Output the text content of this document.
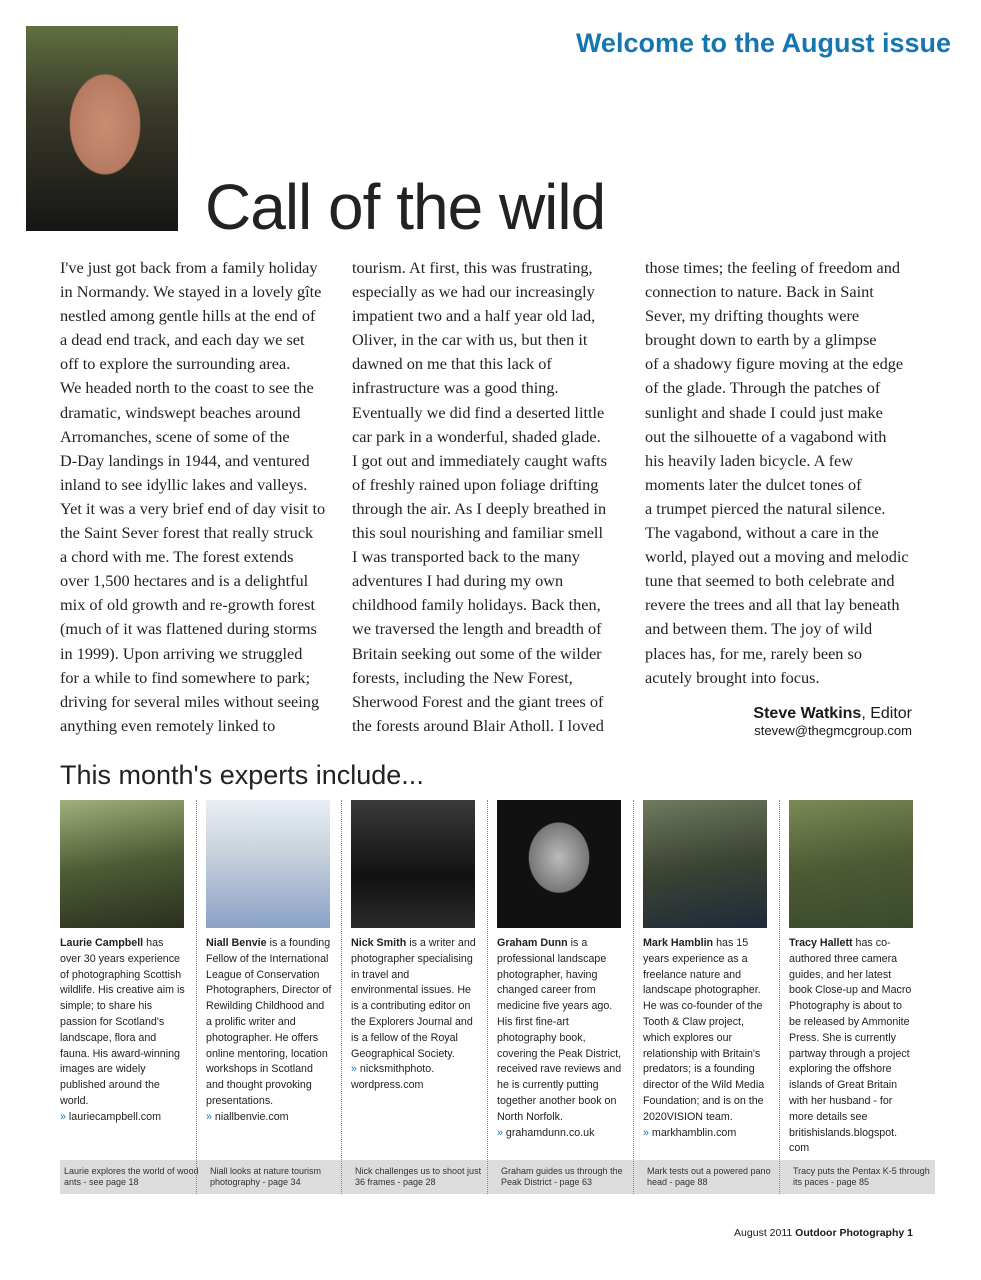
Welcome to the August issue
Call of the wild
I've just got back from a family holiday
in Normandy. We stayed in a lovely gîte
nestled among gentle hills at the end of
a dead end track, and each day we set
off to explore the surrounding area.
We headed north to the coast to see the
dramatic, windswept beaches around
Arromanches, scene of some of the
D-Day landings in 1944, and ventured
inland to see idyllic lakes and valleys.
Yet it was a very brief end of day visit to
the Saint Sever forest that really struck
a chord with me. The forest extends
over 1,500 hectares and is a delightful
mix of old growth and re-growth forest
(much of it was flattened during storms
in 1999). Upon arriving we struggled
for a while to find somewhere to park;
driving for several miles without seeing
anything even remotely linked to
tourism. At first, this was frustrating,
especially as we had our increasingly
impatient two and a half year old lad,
Oliver, in the car with us, but then it
dawned on me that this lack of
infrastructure was a good thing.
Eventually we did find a deserted little
car park in a wonderful, shaded glade.
I got out and immediately caught wafts
of freshly rained upon foliage drifting
through the air. As I deeply breathed in
this soul nourishing and familiar smell
I was transported back to the many
adventures I had during my own
childhood family holidays. Back then,
we traversed the length and breadth of
Britain seeking out some of the wilder
forests, including the New Forest,
Sherwood Forest and the giant trees of
the forests around Blair Atholl. I loved
those times; the feeling of freedom and
connection to nature. Back in Saint
Sever, my drifting thoughts were
brought down to earth by a glimpse
of a shadowy figure moving at the edge
of the glade. Through the patches of
sunlight and shade I could just make
out the silhouette of a vagabond with
his heavily laden bicycle. A few
moments later the dulcet tones of
a trumpet pierced the natural silence.
The vagabond, without a care in the
world, played out a moving and melodic
tune that seemed to both celebrate and
revere the trees and all that lay beneath
and between them. The joy of wild
places has, for me, rarely been so
acutely brought into focus.
Steve Watkins, Editor
stevew@thegmcgroup.com
This month's experts include...
Laurie Campbell has over 30 years experience of photographing Scottish wildlife. His creative aim is simple; to share his passion for Scotland's landscape, flora and fauna. His award-winning images are widely published around the world.
» lauriecampbell.com
Laurie explores the world of wood ants - see page 18
Niall Benvie is a founding Fellow of the International League of Conservation Photographers, Director of Rewilding Childhood and a prolific writer and photographer. He offers online mentoring, location workshops in Scotland and thought provoking presentations.
» niallbenvie.com
Niall looks at nature tourism photography - page 34
Nick Smith is a writer and photographer specialising in travel and environmental issues. He is a contributing editor on the Explorers Journal and is a fellow of the Royal Geographical Society.
» nicksmithphoto. wordpress.com
Nick challenges us to shoot just 36 frames - page 28
Graham Dunn is a professional landscape photographer, having changed career from medicine five years ago. His first fine-art photography book, covering the Peak District, received rave reviews and he is currently putting together another book on North Norfolk.
» grahamdunn.co.uk
Graham guides us through the Peak District - page 63
Mark Hamblin has 15 years experience as a freelance nature and landscape photographer. He was co-founder of the Tooth & Claw project, which explores our relationship with Britain's predators; is a founding director of the Wild Media Foundation; and is on the 2020VISION team.
» markhamblin.com
Mark tests out a powered pano head - page 88
Tracy Hallett has co-authored three camera guides, and her latest book Close-up and Macro Photography is about to be released by Ammonite Press. She is currently partway through a project exploring the offshore islands of Great Britain with her husband - for more details see britishislands.blogspot. com
Tracy puts the Pentax K-5 through its paces - page 85
August 2011 Outdoor Photography 1
